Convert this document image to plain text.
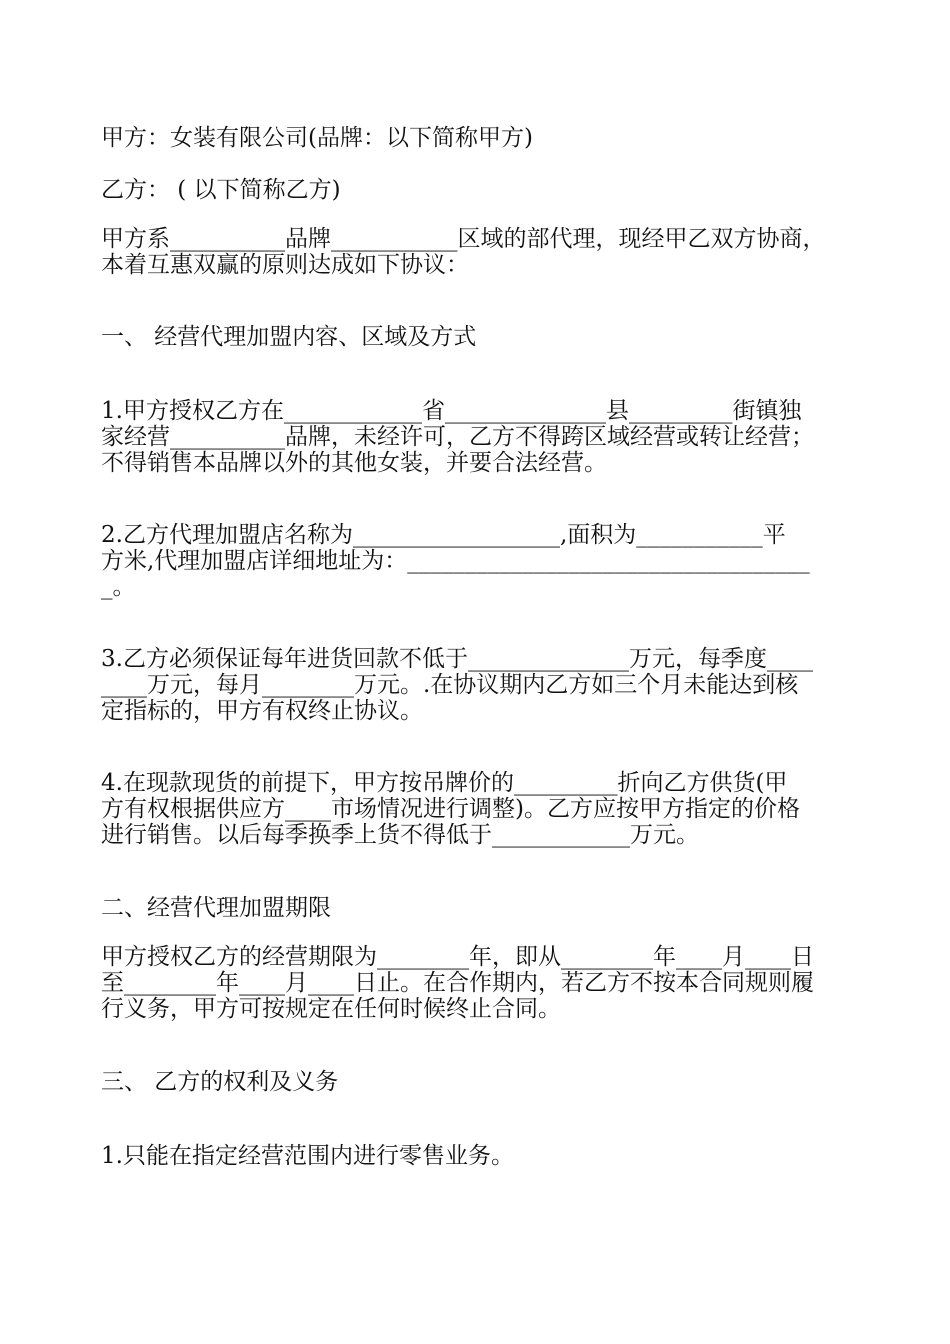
甲方：女装有限公司(品牌：以下简称甲方)
乙方： ( 以下简称乙方)
甲方系__________品牌___________区域的部代理，现经甲乙双方协商，
本着互惠双赢的原则达成如下协议：
一、 经营代理加盟内容、区域及方式
1.甲方授权乙方在____________省______________县_________街镇独
家经营__________品牌，未经许可，乙方不得跨区域经营或转让经营；
不得销售本品牌以外的其他女装，并要合法经营。
2.乙方代理加盟店名称为__________________,面积为___________平
方米,代理加盟店详细地址为：___________________________________
_。
3.乙方必须保证每年进货回款不低于______________万元，每季度____
____万元，每月________万元。.在协议期内乙方如三个月未能达到核
定指标的，甲方有权终止协议。
4.在现款现货的前提下，甲方按吊牌价的_________折向乙方供货(甲
方有权根据供应方____市场情况进行调整)。乙方应按甲方指定的价格
进行销售。以后每季换季上货不得低于____________万元。
二、经营代理加盟期限
甲方授权乙方的经营期限为________年，即从________年____月____日
至________年____月____日止。在合作期内，若乙方不按本合同规则履
行义务，甲方可按规定在任何时候终止合同。
三、 乙方的权利及义务
1.只能在指定经营范围内进行零售业务。
